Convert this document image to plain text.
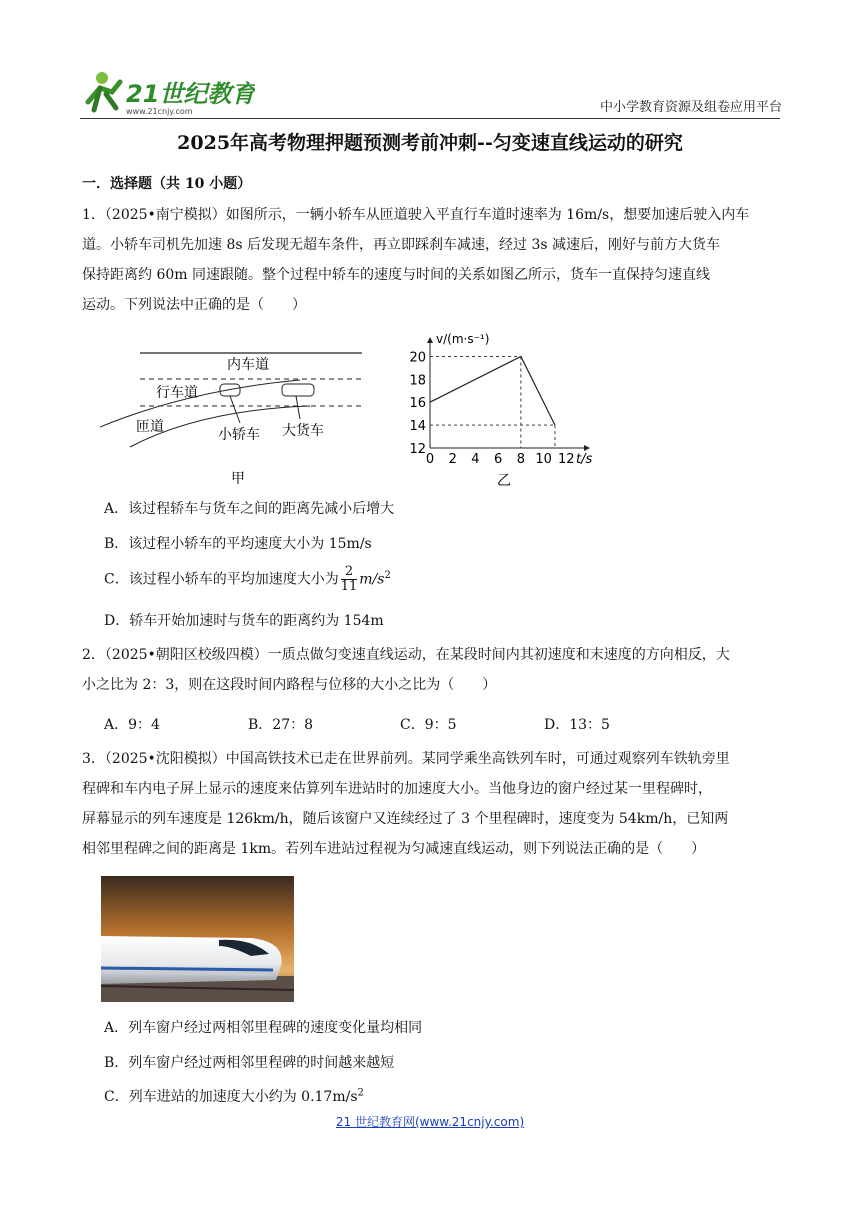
21世纪教育
www.21cnjy.com	中小学教育资源及组卷应用平台
2025年高考物理押题预测考前冲刺--匀变速直线运动的研究
一．选择题（共 10 小题）
1．（2025•南宁模拟）如图所示，一辆小轿车从匝道驶入平直行车道时速率为 16m/s，想要加速后驶入内车
道。小轿车司机先加速 8s 后发现无超车条件，再立即踩刹车减速，经过 3s 减速后，刚好与前方大货车
保持距离约 60m 同速跟随。整个过程中轿车的速度与时间的关系如图乙所示，货车一直保持匀速直线
运动。下列说法中正确的是（　　）
内车道
行车道
匝道	小轿车 大货车
甲
0 2 4 6 8 10 12
12
14
16
18
20
v/(m·s⁻¹)
t/s
乙
A．该过程轿车与货车之间的距离先减小后增大
B．该过程小轿车的平均速度大小为 15m/s
C．该过程小轿车的平均加速度大小为 $\frac{2}{11} m/s^2$
D．轿车开始加速时与货车的距离约为 154m
2．（2025•朝阳区校级四模）一质点做匀变速直线运动，在某段时间内其初速度和末速度的方向相反，大
小之比为 2：3，则在这段时间内路程与位移的大小之比为（　　）
A．9：4	B．27：8	C．9：5	D．13：5
3．（2025•沈阳模拟）中国高铁技术已走在世界前列。某同学乘坐高铁列车时，可通过观察列车铁轨旁里
程碑和车内电子屏上显示的速度来估算列车进站时的加速度大小。当他身边的窗户经过某一里程碑时，
屏幕显示的列车速度是 126km/h，随后该窗户又连续经过了 3 个里程碑时，速度变为 54km/h，已知两
相邻里程碑之间的距离是 1km。若列车进站过程视为匀减速直线运动，则下列说法正确的是（　　）
A．列车窗户经过两相邻里程碑的速度变化量均相同
B．列车窗户经过两相邻里程碑的时间越来越短
C．列车进站的加速度大小约为 $0.17m/s^2$
21 世纪教育网(www.21cnjy.com)
